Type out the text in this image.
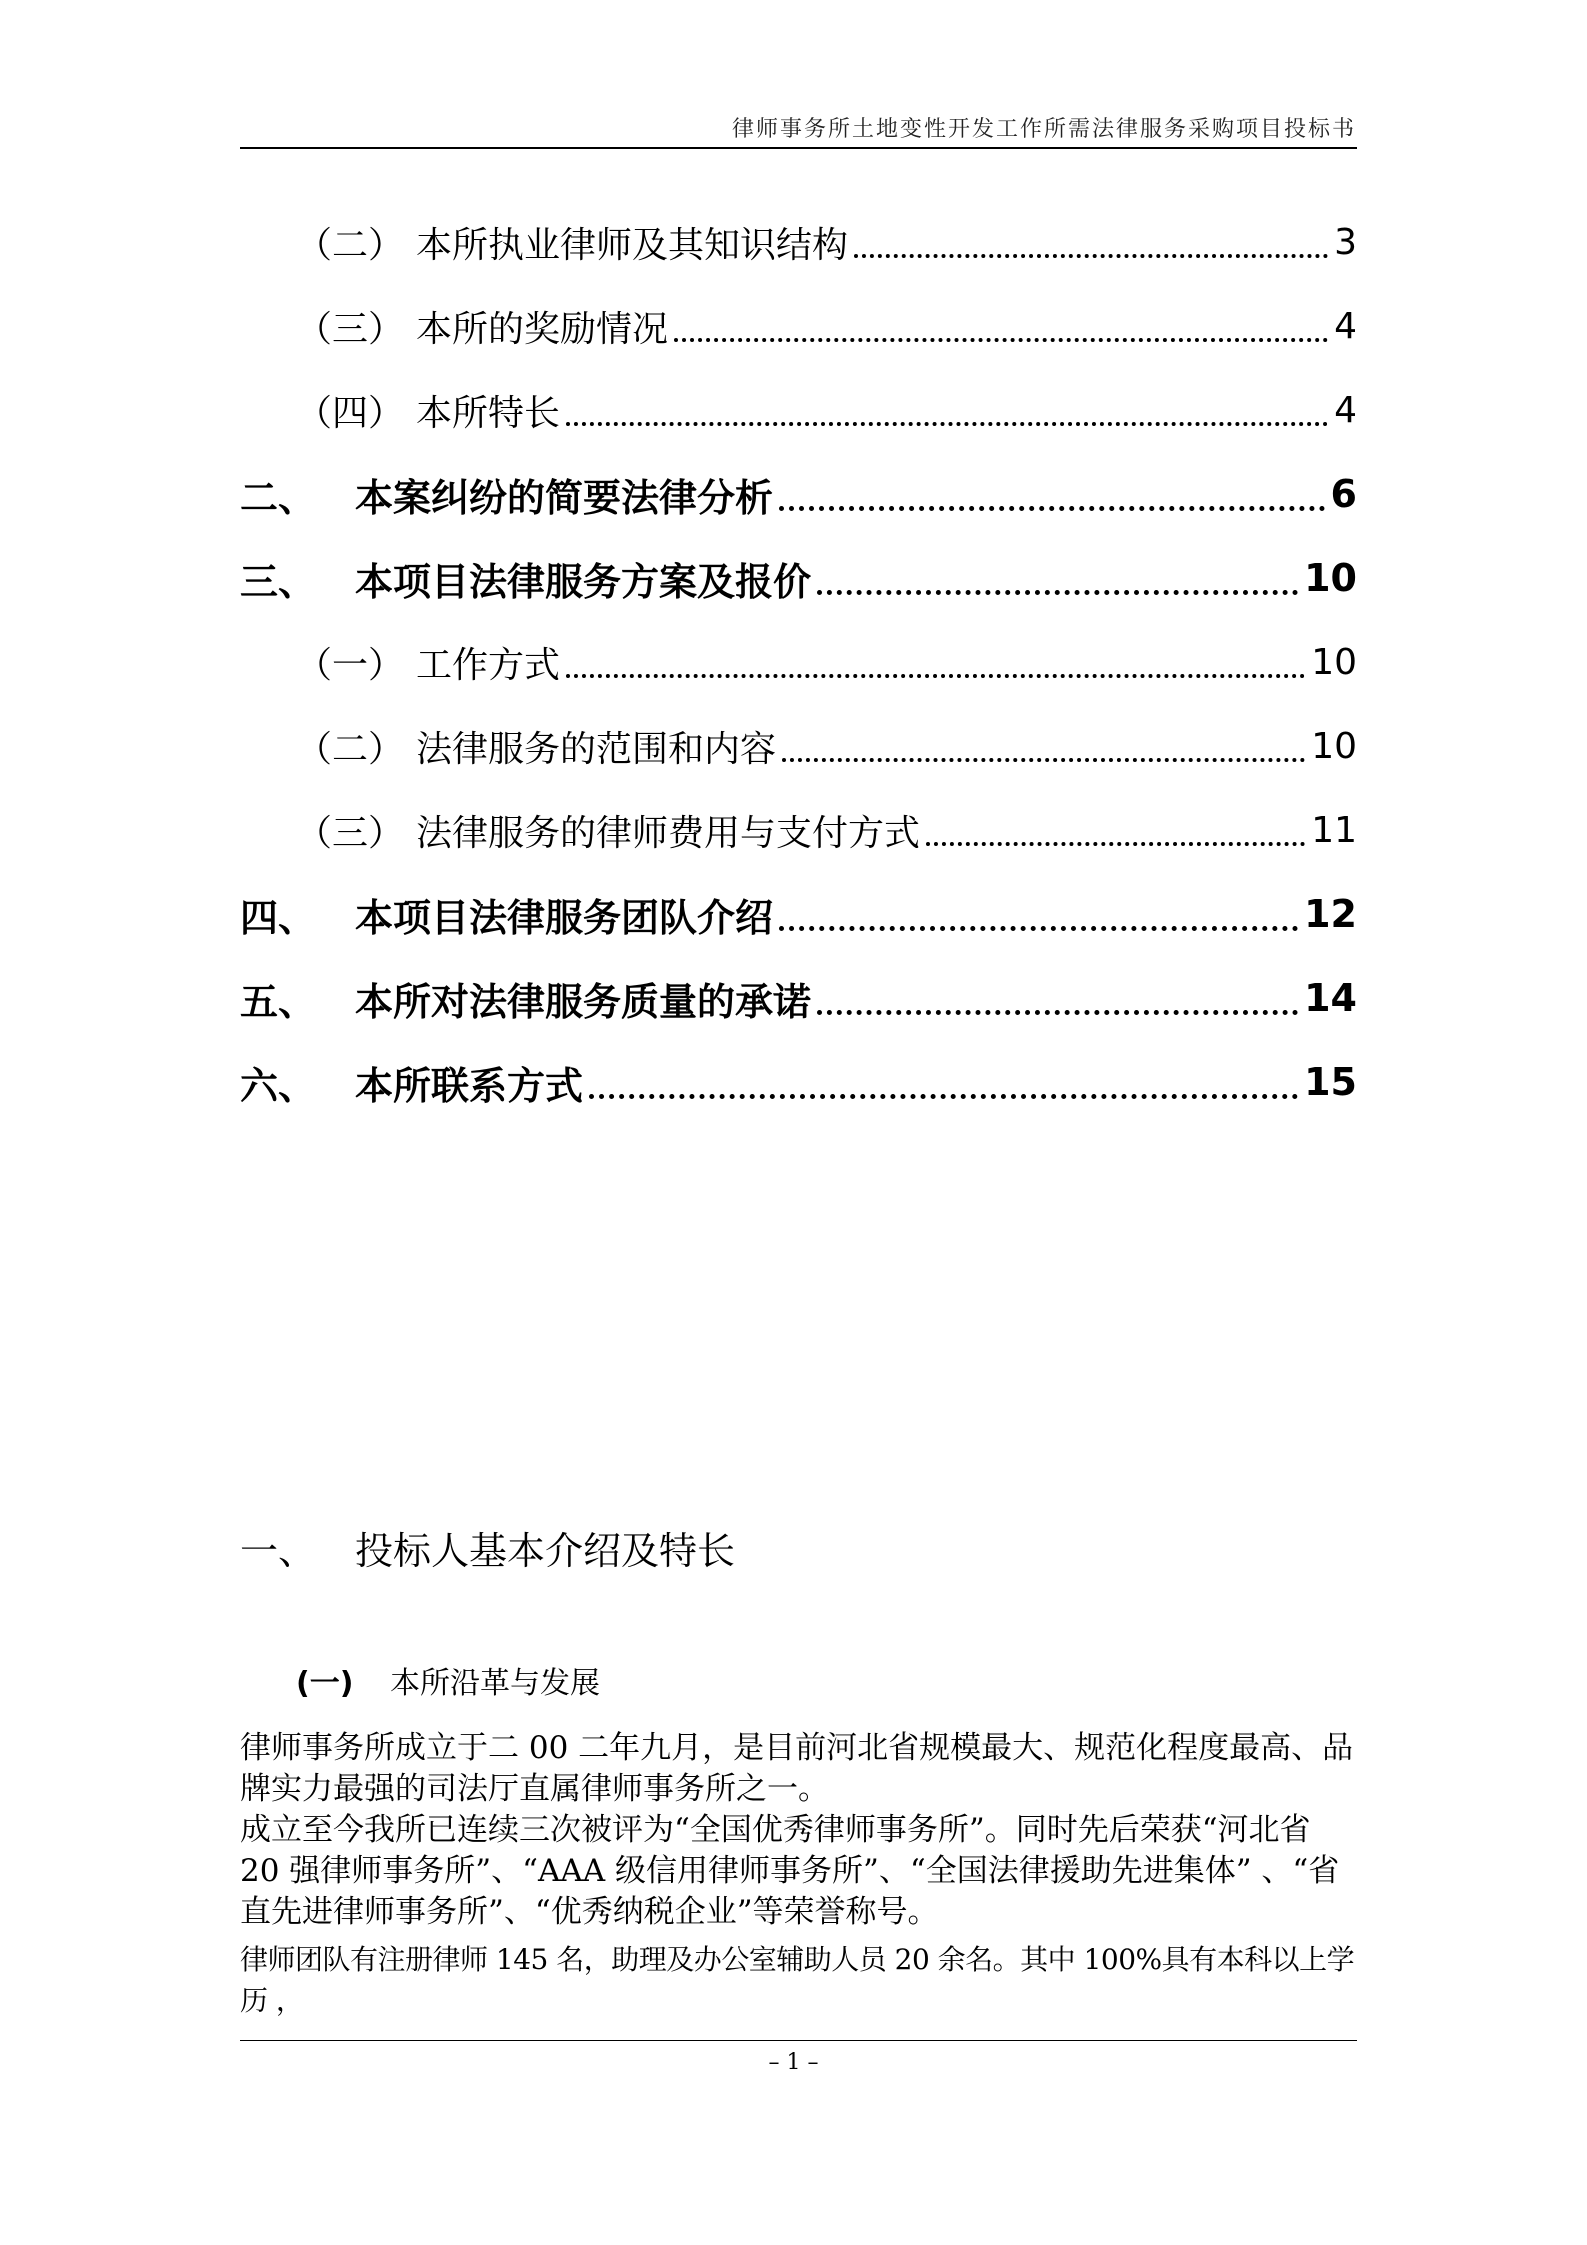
律师事务所土地变性开发工作所需法律服务采购项目投标书
（二） 本所执业律师及其知识结构	3
（三） 本所的奖励情况	4
（四） 本所特长	4
二、	本案纠纷的简要法律分析	6
三、	本项目法律服务方案及报价	10
（一） 工作方式	10
（二） 法律服务的范围和内容	10
（三） 法律服务的律师费用与支付方式	11
四、	本项目法律服务团队介绍	12
五、	本所对法律服务质量的承诺	14
六、	本所联系方式	15
一、 投标人基本介绍及特长
(一) 本所沿革与发展

律师事务所成立于二 00 二年九月，是目前河北省规模最大、规范化程度最高、品牌实力最强的司法厅直属律师事务所之一。

成立至今我所已连续三次被评为“全国优秀律师事务所”。同时先后荣获“河北省 20 强律师事务所”、“AAA 级信用律师事务所”、“全国法律援助先进集体” 、“省直先进律师事务所”、“优秀纳税企业”等荣誉称号。

律师团队有注册律师 145 名，助理及办公室辅助人员 20 余名。其中 100%具有本科以上学历 ，

– 1 –
